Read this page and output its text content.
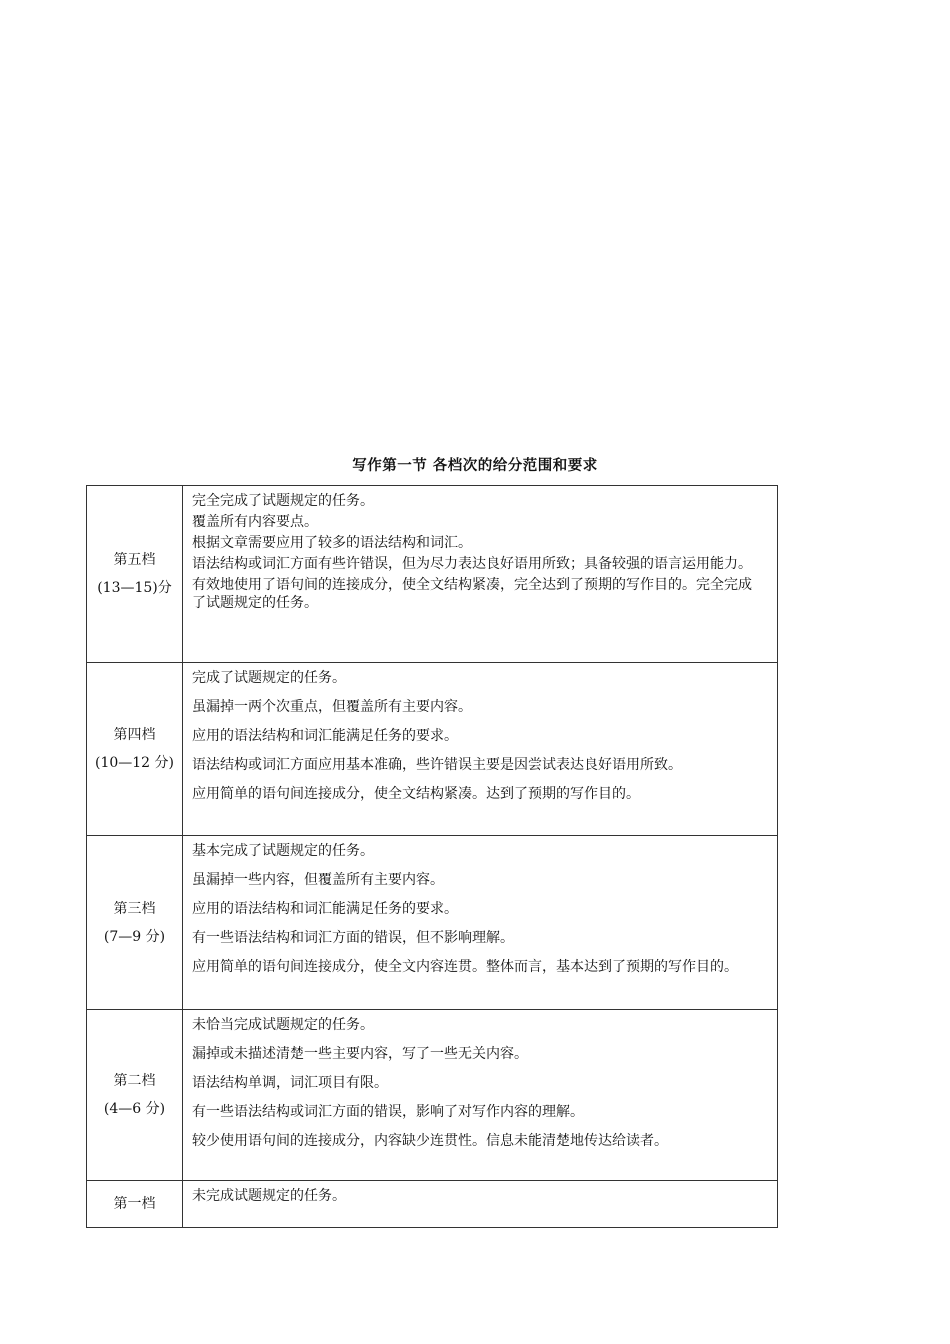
写作第一节 各档次的给分范围和要求
第五档
(13—15)分	完全完成了试题规定的任务。
覆盖所有内容要点。
根据文章需要应用了较多的语法结构和词汇。
语法结构或词汇方面有些许错误，但为尽力表达良好语用所致；具备较强的语言运用能力。
有效地使用了语句间的连接成分，使全文结构紧凑，完全达到了预期的写作目的。完全完成了试题规定的任务。

第四档
(10—12 分)	完成了试题规定的任务。
虽漏掉一两个次重点，但覆盖所有主要内容。
应用的语法结构和词汇能满足任务的要求。
语法结构或词汇方面应用基本准确，些许错误主要是因尝试表达良好语用所致。
应用简单的语句间连接成分，使全文结构紧凑。达到了预期的写作目的。

第三档
(7—9 分)	基本完成了试题规定的任务。
虽漏掉一些内容，但覆盖所有主要内容。
应用的语法结构和词汇能满足任务的要求。
有一些语法结构和词汇方面的错误，但不影响理解。
应用简单的语句间连接成分，使全文内容连贯。整体而言，基本达到了预期的写作目的。

第二档
(4—6 分)	未恰当完成试题规定的任务。
漏掉或未描述清楚一些主要内容，写了一些无关内容。
语法结构单调，词汇项目有限。
有一些语法结构或词汇方面的错误，影响了对写作内容的理解。
较少使用语句间的连接成分，内容缺少连贯性。信息未能清楚地传达给读者。

第一档	未完成试题规定的任务。
